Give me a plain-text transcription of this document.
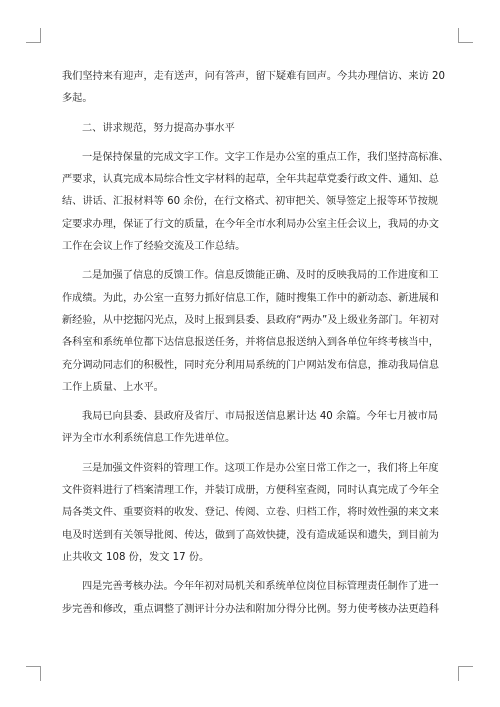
我们坚持来有迎声，走有送声，问有答声，留下疑难有回声。今共办理信访、来访 20
多起。
二、讲求规范，努力提高办事水平
一是保持保量的完成文字工作。文字工作是办公室的重点工作，我们坚持高标准、
严要求，认真完成本局综合性文字材料的起草，全年共起草党委行政文件、通知、总
结、讲话、汇报材料等 60 余份，在行文格式、初审把关、领导签定上报等环节按规
定要求办理，保证了行文的质量，在今年全市水利局办公室主任会议上，我局的办文
工作在会议上作了经验交流及工作总结。
二是加强了信息的反馈工作。信息反馈能正确、及时的反映我局的工作进度和工
作成绩。为此，办公室一直努力抓好信息工作，随时搜集工作中的新动态、新进展和
新经验，从中挖掘闪光点，及时上报到县委、县政府“两办”及上级业务部门。年初对
各科室和系统单位都下达信息报送任务，并将信息报送纳入到各单位年终考核当中，
充分调动同志们的积极性，同时充分利用局系统的门户网站发布信息，推动我局信息
工作上质量、上水平。
我局已向县委、县政府及省厅、市局报送信息累计达 40 余篇。今年七月被市局
评为全市水利系统信息工作先进单位。
三是加强文件资料的管理工作。这项工作是办公室日常工作之一，我们将上年度
文件资料进行了档案清理工作，并装订成册，方便科室查阅，同时认真完成了今年全
局各类文件、重要资料的收发、登记、传阅、立卷、归档工作，将时效性强的来文来
电及时送到有关领导批阅、传达，做到了高效快捷，没有造成延误和遗失，到目前为
止共收文 108 份，发文 17 份。
四是完善考核办法。今年年初对局机关和系统单位岗位目标管理责任制作了进一
步完善和修改，重点调整了测评计分办法和附加分得分比例。努力使考核办法更趋科
